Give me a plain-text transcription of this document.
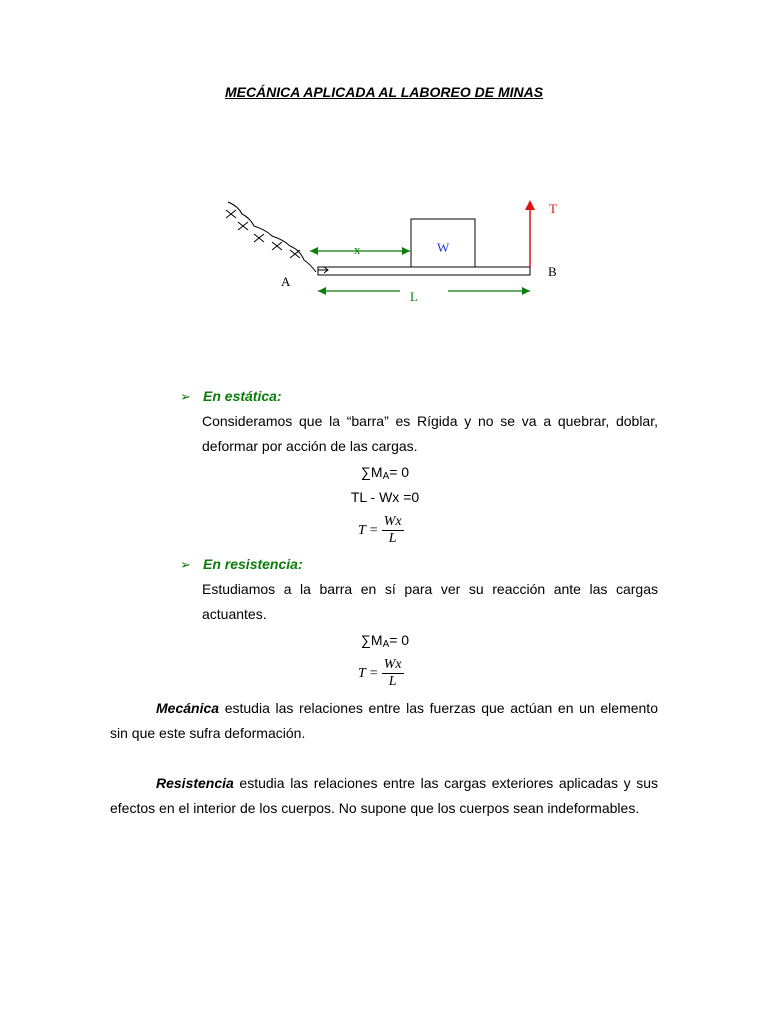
MECÁNICA APLICADA AL LABOREO DE MINAS
W
x
L
T
A
B
➢ En estática:
Consideramos que la “barra” es Rígida y no se va a quebrar, doblar, deformar por acción de las cargas.
$\sum M_A= 0$
TL - Wx =0
$T = \frac{Wx}{L}$
➢ En resistencia:
Estudiamos a la barra en sí para ver su reacción ante las cargas actuantes.
$\sum M_A= 0$
$T = \frac{Wx}{L}$
Mecánica estudia las relaciones entre las fuerzas que actúan en un elemento sin que este sufra deformación.
Resistencia estudia las relaciones entre las cargas exteriores aplicadas y sus efectos en el interior de los cuerpos. No supone que los cuerpos sean indeformables.
